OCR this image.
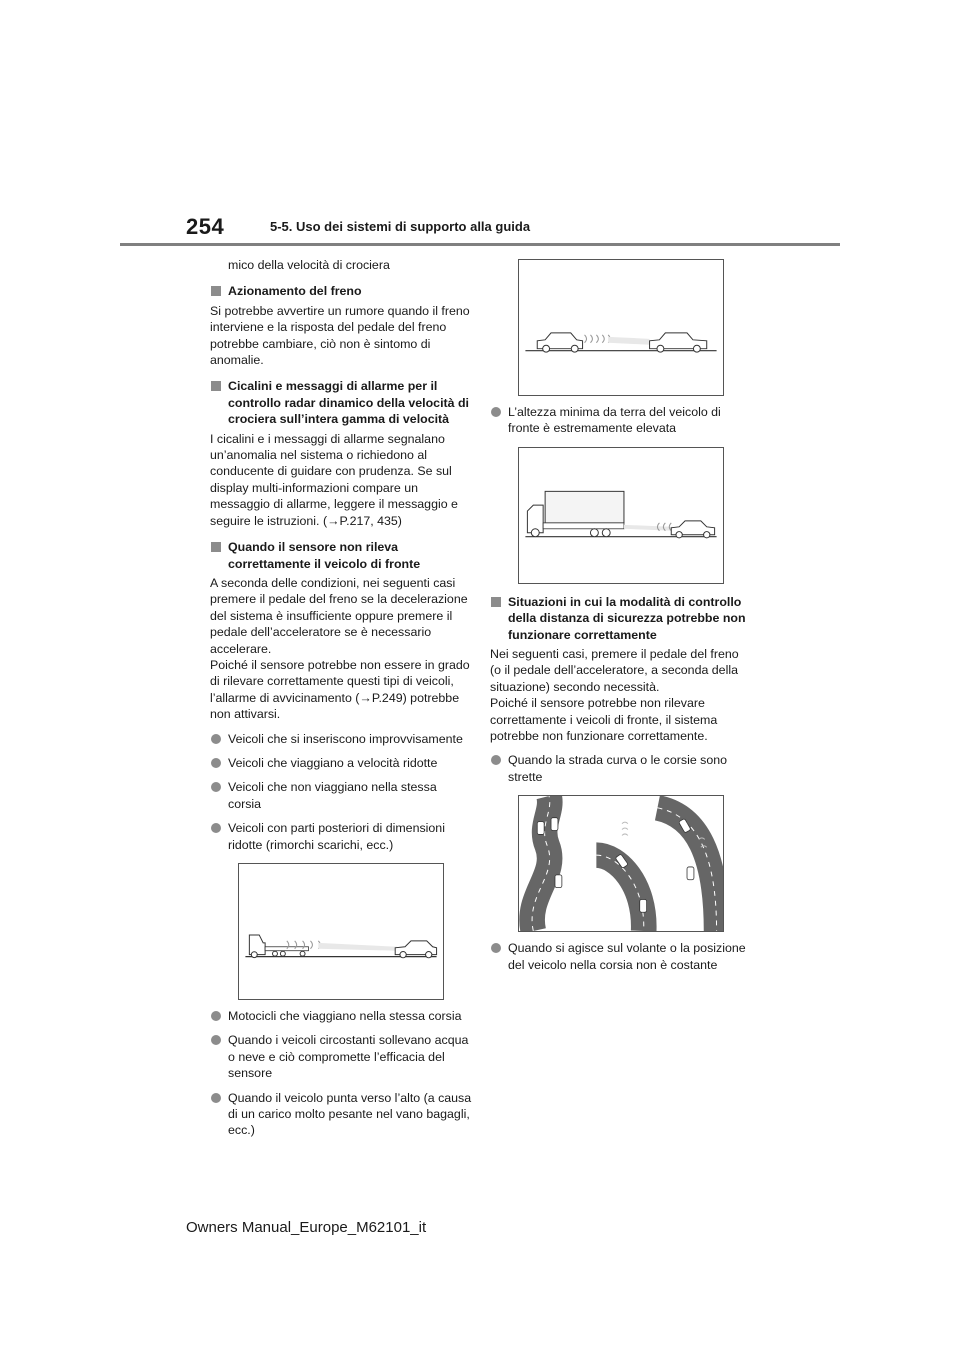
254	5-5. Uso dei sistemi di supporto alla guida

mico della velocità di crociera

Azionamento del freno

Si potrebbe avvertire un rumore quando il freno interviene e la risposta del pedale del freno potrebbe cambiare, ciò non è sintomo di anomalie.

Cicalini e messaggi di allarme per il controllo radar dinamico della velocità di crociera sull’intera gamma di velocità

I cicalini e i messaggi di allarme segnalano un’anomalia nel sistema o richiedono al conducente di guidare con prudenza. Se sul display multi-informazioni compare un messaggio di allarme, leggere il messaggio e seguire le istruzioni. (→P.217, 435)

Quando il sensore non rileva correttamente il veicolo di fronte

A seconda delle condizioni, nei seguenti casi premere il pedale del freno se la decelerazione del sistema è insufficiente oppure premere il pedale dell’acceleratore se è necessario accelerare.

Poiché il sensore potrebbe non essere in grado di rilevare correttamente questi tipi di veicoli, l’allarme di avvicinamento (→P.249) potrebbe non attivarsi.

Veicoli che si inseriscono improvvisamente
Veicoli che viaggiano a velocità ridotte
Veicoli che non viaggiano nella stessa corsia
Veicoli con parti posteriori di dimensioni ridotte (rimorchi scarichi, ecc.)
Motocicli che viaggiano nella stessa corsia
Quando i veicoli circostanti sollevano acqua o neve e ciò compromette l’efficacia del sensore
Quando il veicolo punta verso l’alto (a causa di un carico molto pesante nel vano bagagli, ecc.)
L’altezza minima da terra del veicolo di fronte è estremamente elevata
Situazioni in cui la modalità di controllo della distanza di sicurezza potrebbe non funzionare correttamente

Nei seguenti casi, premere il pedale del freno (o il pedale dell’acceleratore, a seconda della situazione) secondo necessità.

Poiché il sensore potrebbe non rilevare correttamente i veicoli di fronte, il sistema potrebbe non funzionare correttamente.

Quando la strada curva o le corsie sono strette
Quando si agisce sul volante o la posizione del veicolo nella corsia non è costante
Owners Manual_Europe_M62101_it
